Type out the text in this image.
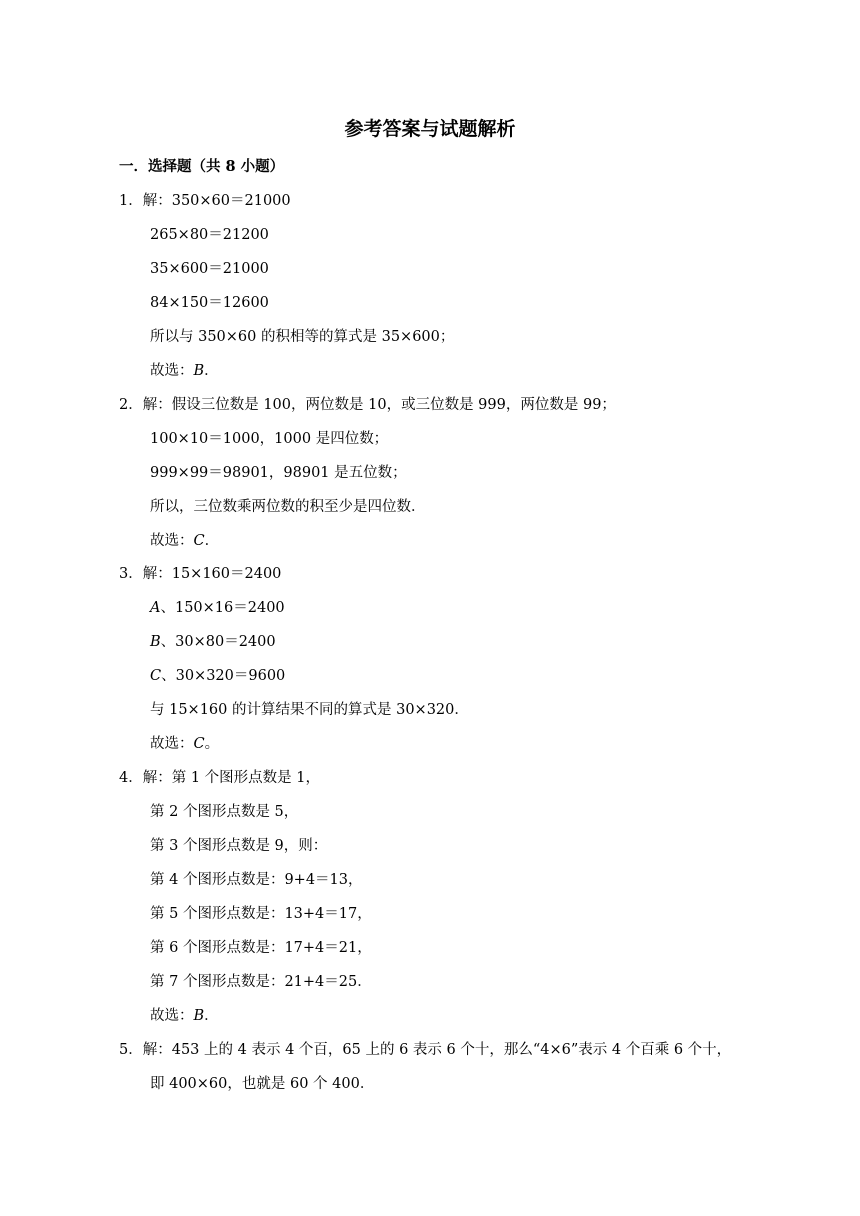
参考答案与试题解析
一．选择题（共 8 小题）
1．解：350×60＝21000
265×80＝21200
35×600＝21000
84×150＝12600
所以与 350×60 的积相等的算式是 35×600；
故选：B．
2．解：假设三位数是 100，两位数是 10，或三位数是 999，两位数是 99；
100×10＝1000，1000 是四位数；
999×99＝98901，98901 是五位数；
所以，三位数乘两位数的积至少是四位数．
故选：C．
3．解：15×160＝2400
A、150×16＝2400
B、30×80＝2400
C、30×320＝9600
与 15×160 的计算结果不同的算式是 30×320．
故选：C。
4．解：第 1 个图形点数是 1，
第 2 个图形点数是 5，
第 3 个图形点数是 9，则：
第 4 个图形点数是：9+4＝13，
第 5 个图形点数是：13+4＝17，
第 6 个图形点数是：17+4＝21，
第 7 个图形点数是：21+4＝25．
故选：B．
5．解：453 上的 4 表示 4 个百，65 上的 6 表示 6 个十，那么“4×6”表示 4 个百乘 6 个十，
即 400×60，也就是 60 个 400．
